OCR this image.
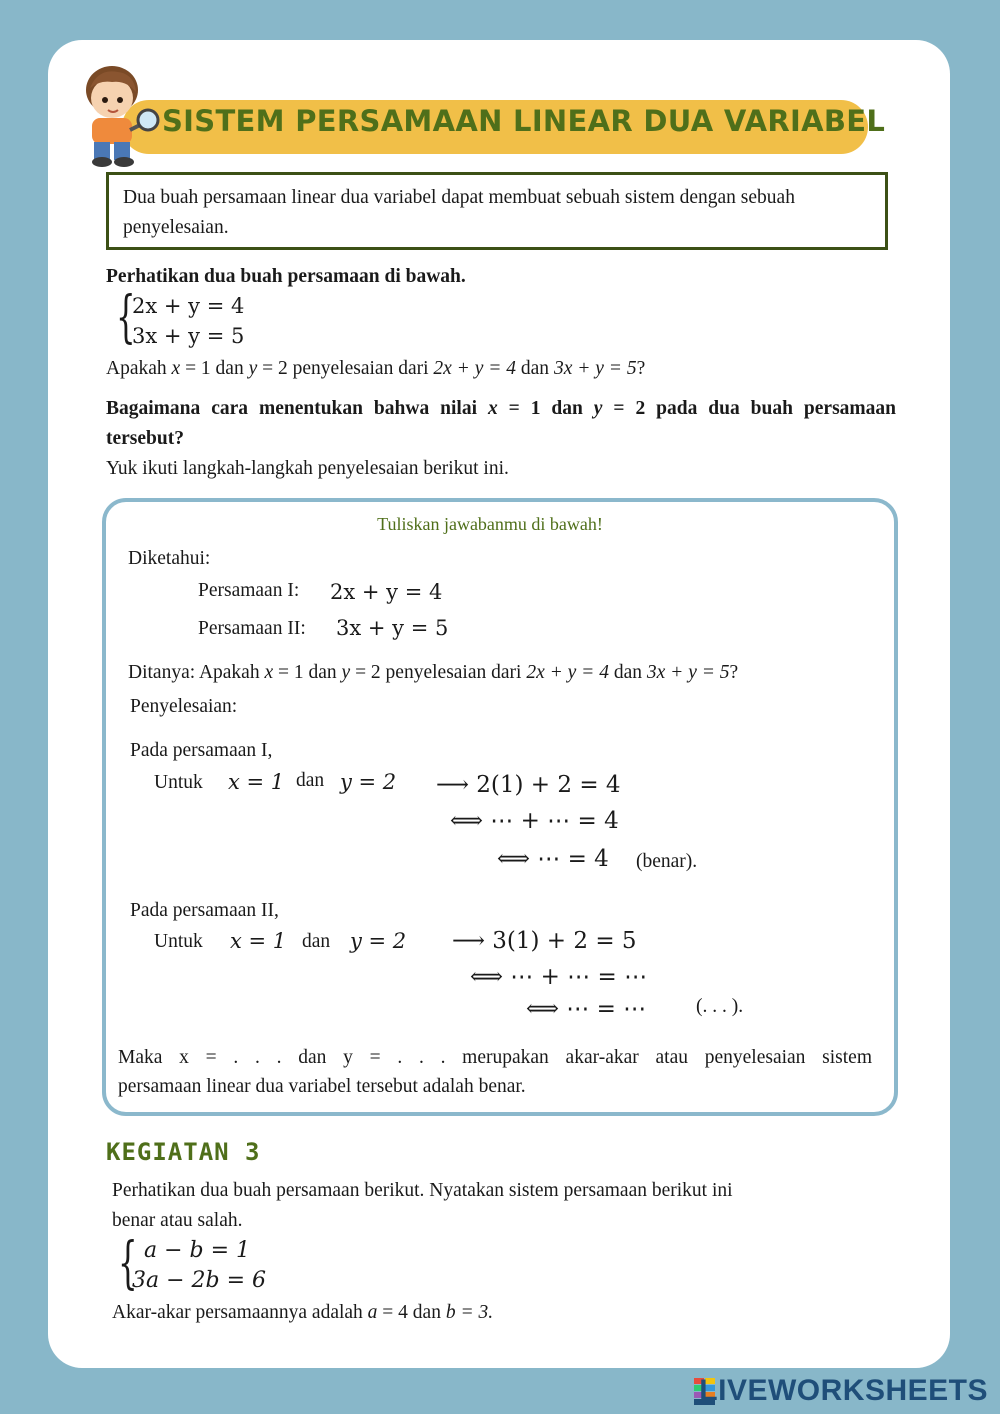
SISTEM PERSAMAAN LINEAR DUA VARIABEL
Dua buah persamaan linear dua variabel dapat membuat sebuah sistem dengan sebuah penyelesaian.
Perhatikan dua buah persamaan di bawah.
{
2x + y = 4
3x + y = 5
Apakah x = 1 dan y = 2 penyelesaian dari 2x + y = 4 dan 3x + y = 5?
Bagaimana cara menentukan bahwa nilai x = 1 dan y = 2 pada dua buah persamaan
tersebut?
Yuk ikuti langkah-langkah penyelesaian berikut ini.
Tuliskan jawabanmu di bawah!
Diketahui:
Persamaan I: 2x + y = 4
Persamaan II: 3x + y = 5
Ditanya: Apakah x = 1 dan y = 2 penyelesaian dari 2x + y = 4 dan 3x + y = 5?
Penyelesaian:
Pada persamaan I,
Untuk x = 1 dan y = 2 ⟶ 2(1) + 2 = 4
⟺ ⋯ + ⋯ = 4
⟺ ⋯ = 4 (benar).
Pada persamaan II,
Untuk x = 1 dan y = 2 ⟶ 3(1) + 2 = 5
⟺ ⋯ + ⋯ = ⋯
⟺ ⋯ = ⋯	(. . . ).
Maka x = . . . dan y = . . . merupakan akar-akar atau penyelesaian sistem
persamaan linear dua variabel tersebut adalah benar.
KEGIATAN 3
Perhatikan dua buah persamaan berikut. Nyatakan sistem persamaan berikut ini
benar atau salah.
{ a − b = 1
3a − 2b = 6
Akar-akar persamaannya adalah a = 4 dan b = 3.
LIVEWORKSHEETS
